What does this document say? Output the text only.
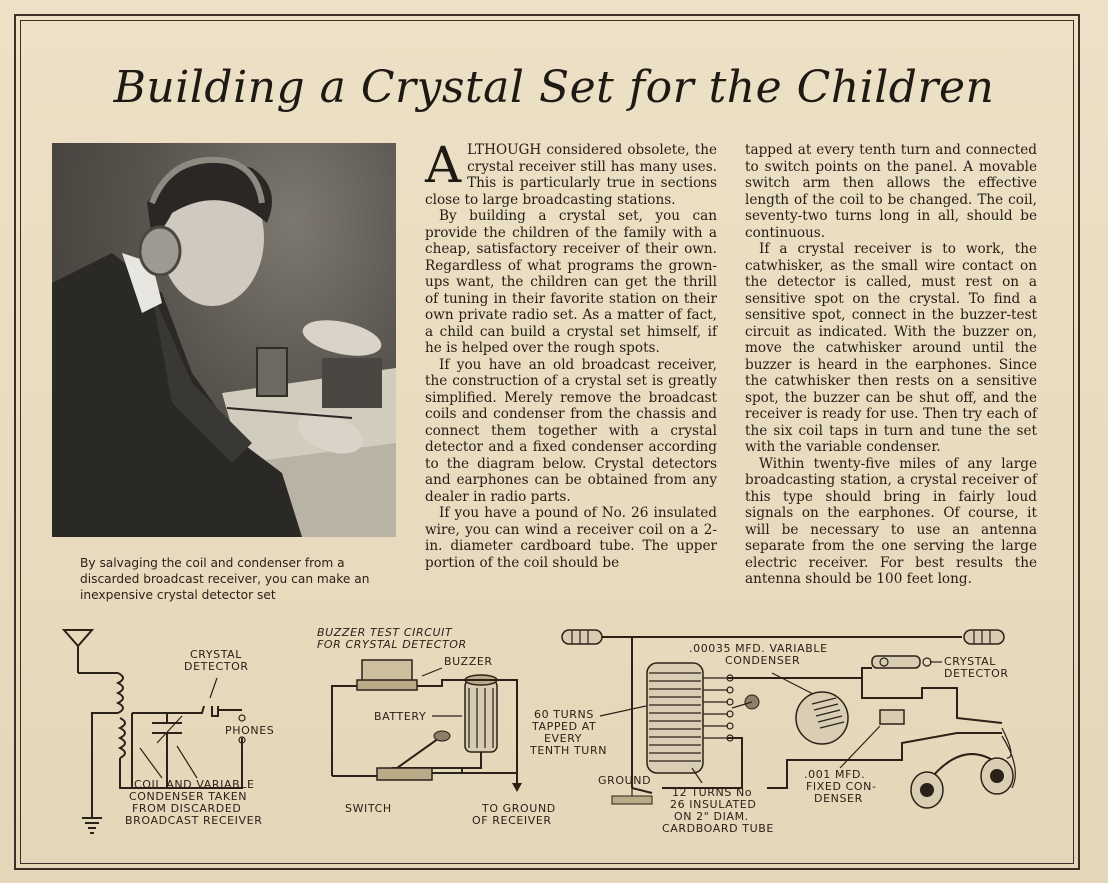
Building a Crystal Set for the Children

By salvaging the coil and condenser from a discarded broadcast receiver, you can make an inexpensive crystal detector set

ALTHOUGH considered obsolete, the crystal receiver still has many uses. This is particularly true in sections close to large broadcasting stations.

By building a crystal set, you can provide the children of the family with a cheap, satisfactory receiver of their own. Regardless of what programs the grown-ups want, the children can get the thrill of tuning in their favorite station on their own private radio set. As a matter of fact, a child can build a crystal set himself, if he is helped over the rough spots.

If you have an old broadcast receiver, the construction of a crystal set is greatly simplified. Merely remove the broadcast coils and condenser from the chassis and connect them together with a crystal detector and a fixed condenser according to the diagram below. Crystal detectors and earphones can be obtained from any dealer in radio parts.

If you have a pound of No. 26 insulated wire, you can wind a receiver coil on a 2-in. diameter cardboard tube. The upper portion of the coil should be

tapped at every tenth turn and connected to switch points on the panel. A movable switch arm then allows the effective length of the coil to be changed. The coil, seventy-two turns long in all, should be continuous.

If a crystal receiver is to work, the catwhisker, as the small wire contact on the detector is called, must rest on a sensitive spot on the crystal. To find a sensitive spot, connect in the buzzer-test circuit as indicated. With the buzzer on, move the catwhisker around until the buzzer is heard in the earphones. Since the catwhisker then rests on a sensitive spot, the buzzer can be shut off, and the receiver is ready for use. Then try each of the six coil taps in turn and tune the set with the variable condenser.

Within twenty-five miles of any large broadcasting station, a crystal receiver of this type should bring in fairly loud signals on the earphones. Of course, it will be necessary to use an antenna separate from the one serving the large electric receiver. For best results the antenna should be 100 feet long.

CRYSTAL
DETECTOR
PHONES
COIL AND VARIABLE
CONDENSER TAKEN
FROM DISCARDED
BROADCAST RECEIVER
BUZZER TEST CIRCUIT
FOR CRYSTAL DETECTOR
BUZZER
BATTERY
SWITCH	TO GROUND
OF RECEIVER
60 TURNS
TAPPED AT
EVERY
TENTH TURN
.00035 MFD. VARIABLE
CONDENSER	CRYSTAL
DETECTOR
GROUND
12 TURNS No
26 INSULATED
ON 2" DIAM.
CARDBOARD TUBE
.001 MFD.
FIXED CON-
DENSER
